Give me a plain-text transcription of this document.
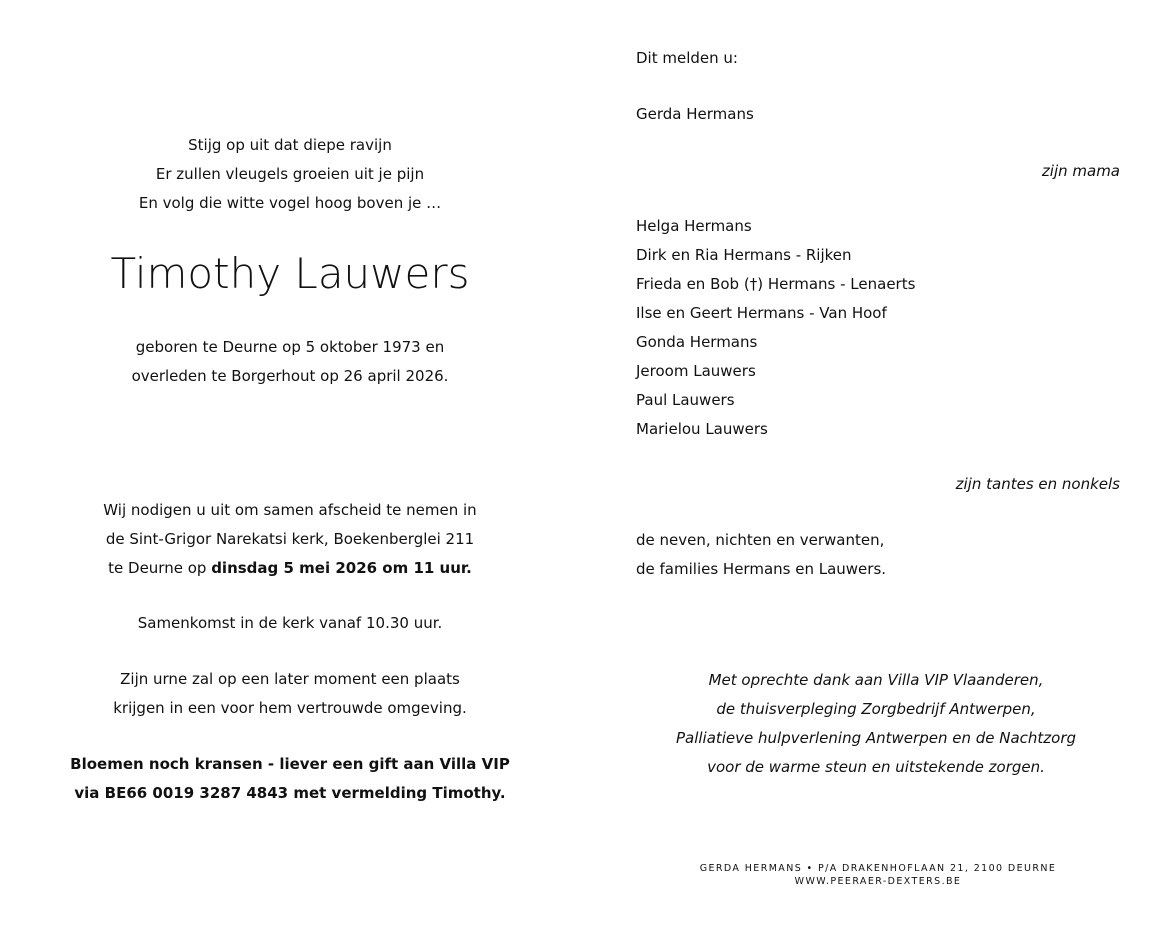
Stijg op uit dat diepe ravijn
Er zullen vleugels groeien uit je pijn
En volg die witte vogel hoog boven je …
Timothy Lauwers
geboren te Deurne op 5 oktober 1973 en
overleden te Borgerhout op 26 april 2026.
Wij nodigen u uit om samen afscheid te nemen in
de Sint-Grigor Narekatsi kerk, Boekenberglei 211
te Deurne op dinsdag 5 mei 2026 om 11 uur.
Samenkomst in de kerk vanaf 10.30 uur.
Zijn urne zal op een later moment een plaats
krijgen in een voor hem vertrouwde omgeving.
Bloemen noch kransen - liever een gift aan Villa VIP
via BE66 0019 3287 4843 met vermelding Timothy.
Dit melden u:
Gerda Hermans
zijn mama
Helga Hermans
Dirk en Ria Hermans - Rijken
Frieda en Bob (†) Hermans - Lenaerts
Ilse en Geert Hermans - Van Hoof
Gonda Hermans
Jeroom Lauwers
Paul Lauwers
Marielou Lauwers
zijn tantes en nonkels
de neven, nichten en verwanten,
de families Hermans en Lauwers.
Met oprechte dank aan Villa VIP Vlaanderen,
de thuisverpleging Zorgbedrijf Antwerpen,
Palliatieve hulpverlening Antwerpen en de Nachtzorg
voor de warme steun en uitstekende zorgen.
GERDA HERMANS • P/A DRAKENHOFLAAN 21, 2100 DEURNE
WWW.PEERAER-DEXTERS.BE
